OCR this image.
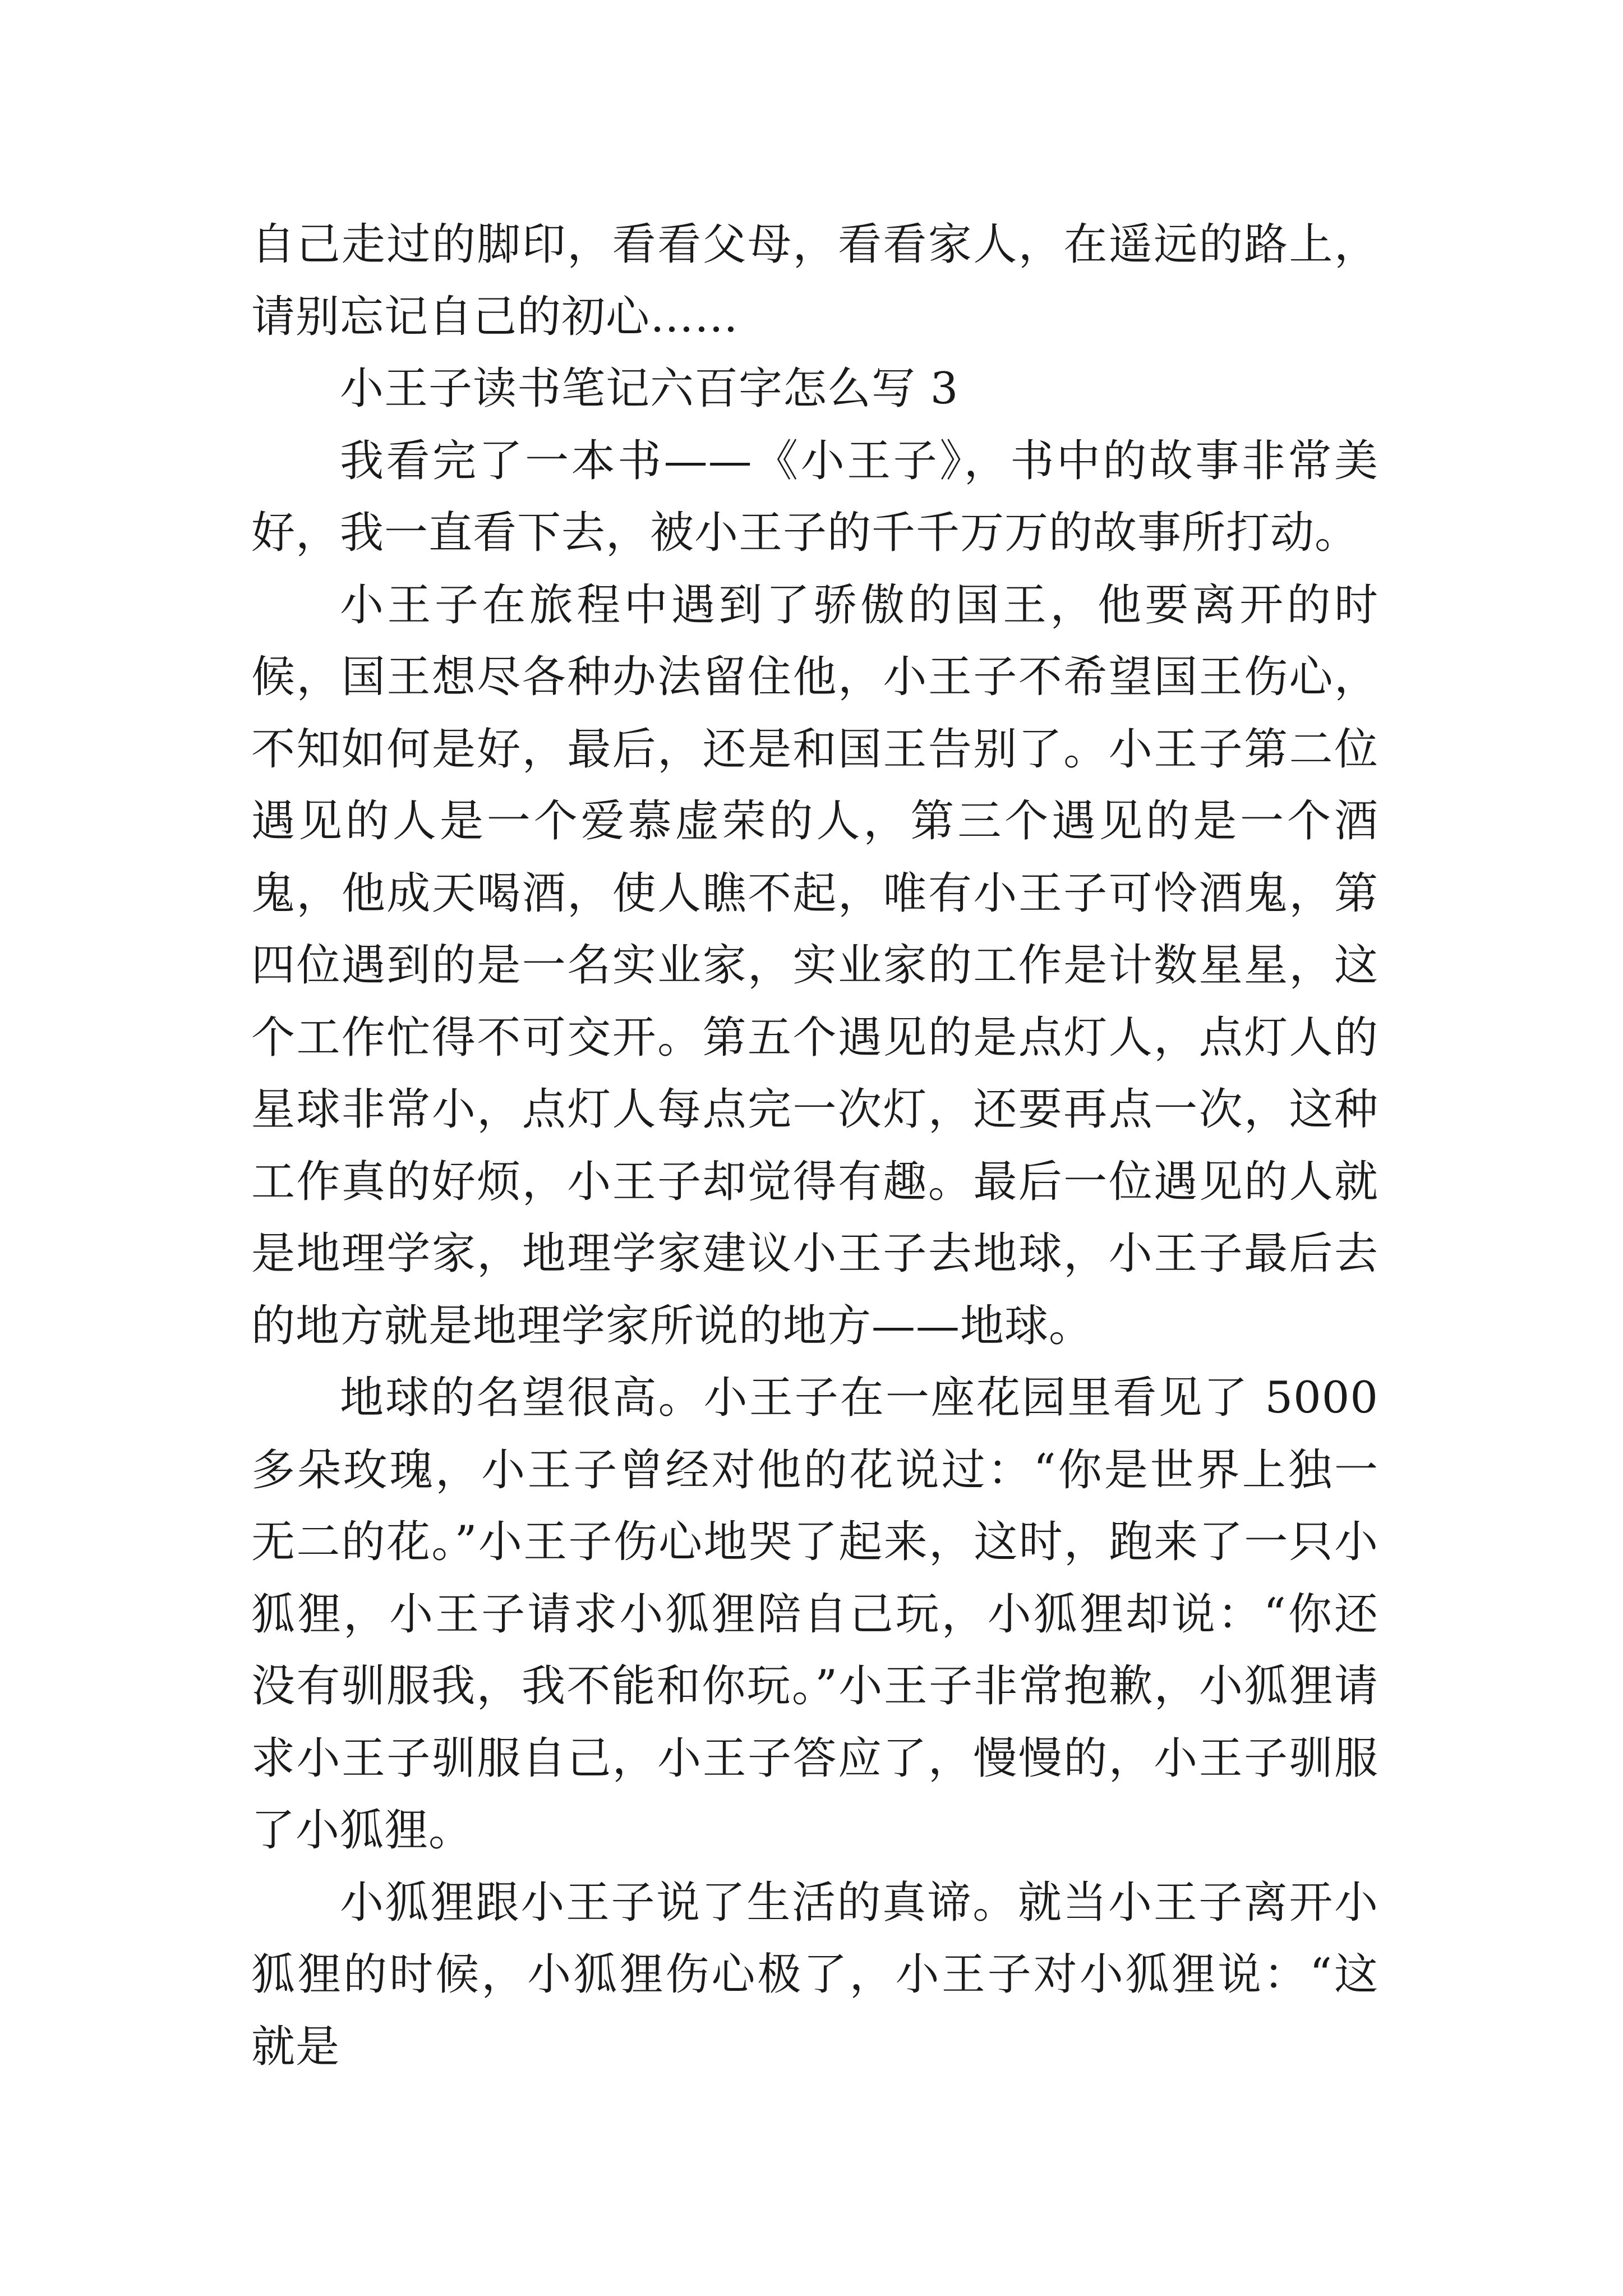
自己走过的脚印，看看父母，看看家人，在遥远的路上，请别忘记自己的初心……

小王子读书笔记六百字怎么写 3

我看完了一本书——《小王子》，书中的故事非常美好，我一直看下去，被小王子的千千万万的故事所打动。

小王子在旅程中遇到了骄傲的国王，他要离开的时候，国王想尽各种办法留住他，小王子不希望国王伤心，不知如何是好，最后，还是和国王告别了。小王子第二位遇见的人是一个爱慕虚荣的人，第三个遇见的是一个酒鬼，他成天喝酒，使人瞧不起，唯有小王子可怜酒鬼，第四位遇到的是一名实业家，实业家的工作是计数星星，这个工作忙得不可交开。第五个遇见的是点灯人，点灯人的星球非常小，点灯人每点完一次灯，还要再点一次，这种工作真的好烦，小王子却觉得有趣。最后一位遇见的人就是地理学家，地理学家建议小王子去地球，小王子最后去的地方就是地理学家所说的地方——地球。

地球的名望很高。小王子在一座花园里看见了 5000 多朵玫瑰，小王子曾经对他的花说过：“你是世界上独一无二的花。”小王子伤心地哭了起来，这时，跑来了一只小狐狸，小王子请求小狐狸陪自己玩，小狐狸却说：“你还没有驯服我，我不能和你玩。”小王子非常抱歉，小狐狸请求小王子驯服自己，小王子答应了，慢慢的，小王子驯服了小狐狸。

小狐狸跟小王子说了生活的真谛。就当小王子离开小狐狸的时候，小狐狸伤心极了，小王子对小狐狸说：“这就是
